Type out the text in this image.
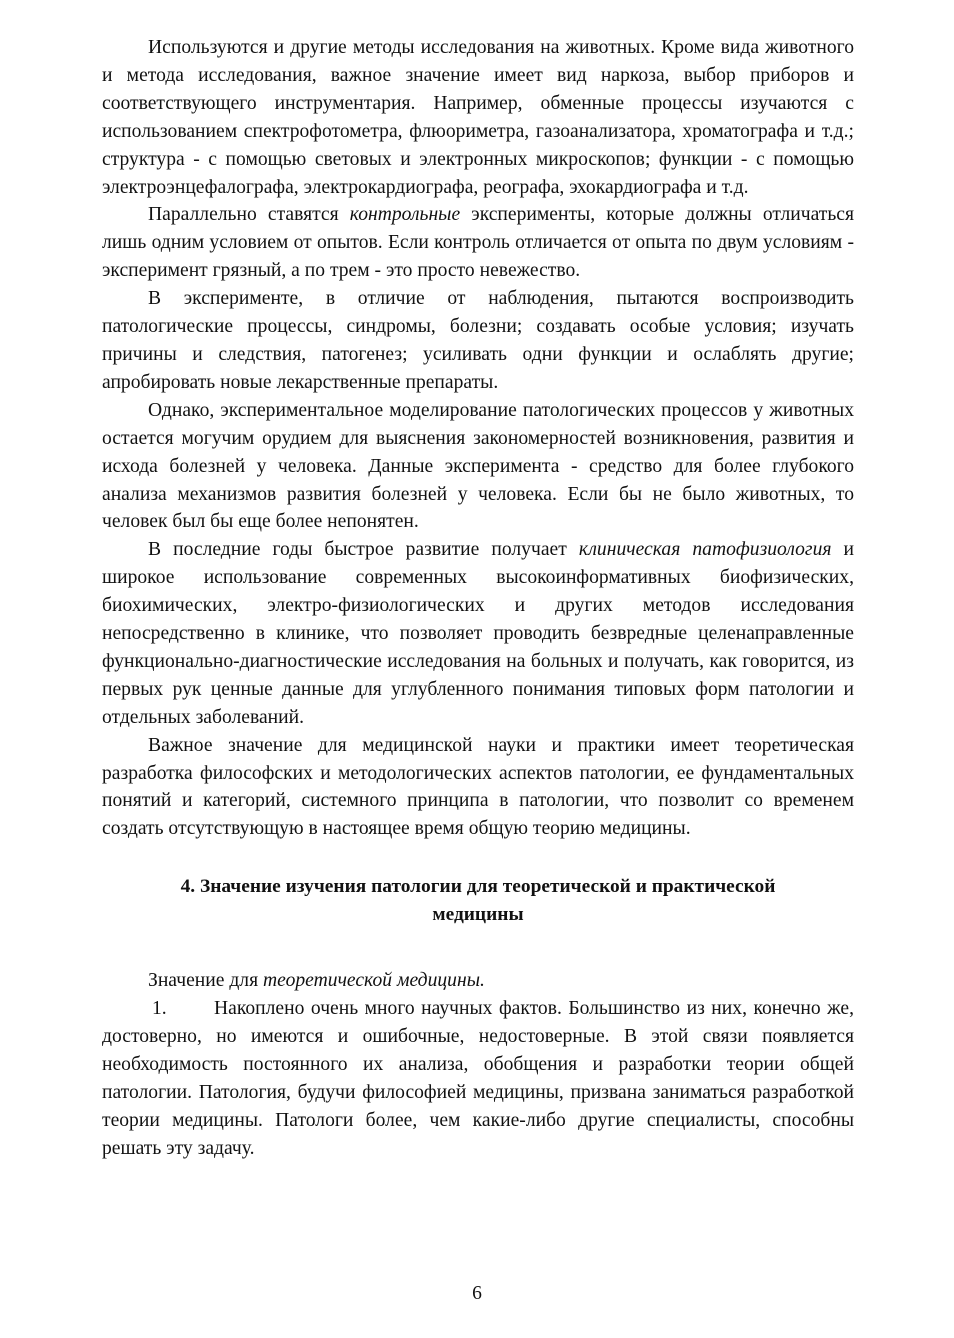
Используются и другие методы исследования на животных. Кроме вида животного и метода исследования, важное значение имеет вид наркоза, выбор приборов и соответствующего инструментария. Например, обменные процессы изучаются с использованием спектрофотометра, флюориметра, газоанализатора, хроматографа и т.д.; структура - с помощью световых и электронных микроскопов; функции - с помощью электроэнцефалографа, электрокардиографа, реографа, эхокардиографа и т.д.

Параллельно ставятся контрольные эксперименты, которые должны отличаться лишь одним условием от опытов. Если контроль отличается от опыта по двум условиям - эксперимент грязный, а по трем - это просто невежество.

В эксперименте, в отличие от наблюдения, пытаются воспроизводить патологические процессы, синдромы, болезни; создавать особые условия; изучать причины и следствия, патогенез; усиливать одни функции и ослаблять другие; апробировать новые лекарственные препараты.

Однако, экспериментальное моделирование патологических процессов у животных остается могучим орудием для выяснения закономерностей возникновения, развития и исхода болезней у человека. Данные эксперимента - средство для более глубокого анализа механизмов развития болезней у человека. Если бы не было животных, то человек был бы еще более непонятен.

В последние годы быстрое развитие получает клиническая патофизиология и широкое использование современных высокоинформативных биофизических, биохимических, электро-физиологических и других методов исследования непосредственно в клинике, что позволяет проводить безвредные целенаправленные функционально-диагностические исследования на больных и получать, как говорится, из первых рук ценные данные для углубленного понимания типовых форм патологии и отдельных заболеваний.

Важное значение для медицинской науки и практики имеет теоретическая разработка философских и методологических аспектов патологии, ее фундаментальных понятий и категорий, системного принципа в патологии, что позволит со временем создать отсутствующую в настоящее время общую теорию медицины.

4. Значение изучения патологии для теоретической и практической
медицины

Значение для теоретической медицины.

1. Накоплено очень много научных фактов. Большинство из них, конечно же, достоверно, но имеются и ошибочные, недостоверные. В этой связи появляется необходимость постоянного их анализа, обобщения и разработки теории общей патологии. Патология, будучи философией медицины, призвана заниматься разработкой теории медицины. Патологи более, чем какие-либо другие специалисты, способны решать эту задачу.

6
